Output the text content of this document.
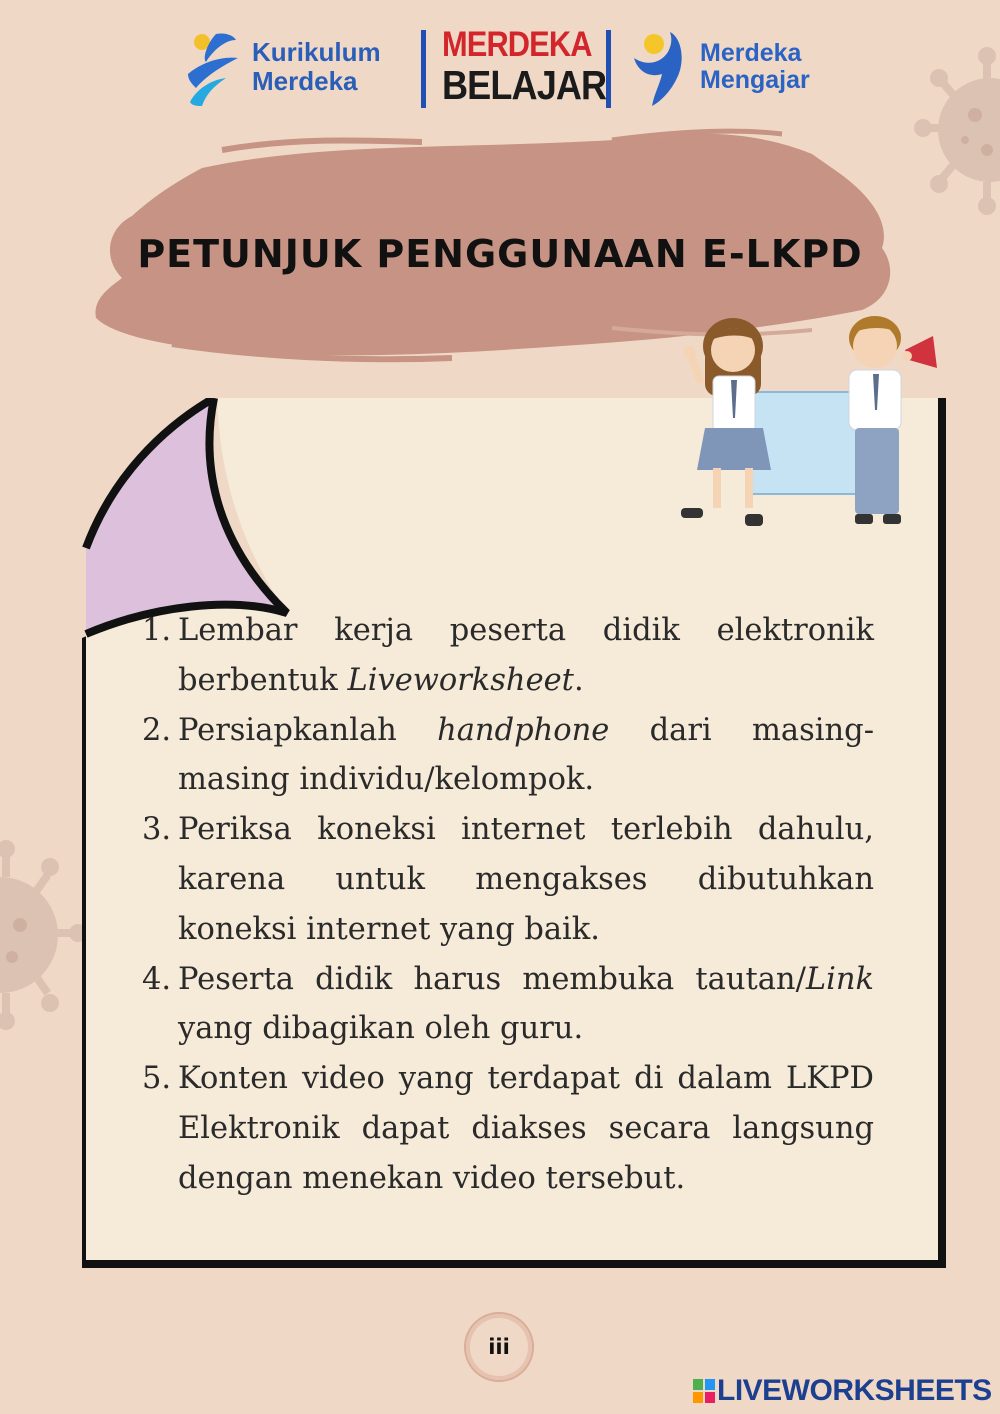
Kurikulum
Merdeka
MERDEKA
BELAJAR
Merdeka
Mengajar
PETUNJUK PENGGUNAAN E-LKPD
1. Lembar kerja peserta didik elektronik berbentuk Liveworksheet.
2. Persiapkanlah handphone dari masing-masing individu/kelompok.
3. Periksa koneksi internet terlebih dahulu, karena untuk mengakses dibutuhkan koneksi internet yang baik.
4. Peserta didik harus membuka tautan/Link yang dibagikan oleh guru.
5. Konten video yang terdapat di dalam LKPD Elektronik dapat diakses secara langsung dengan menekan video tersebut.
iii
LIVEWORKSHEETS
